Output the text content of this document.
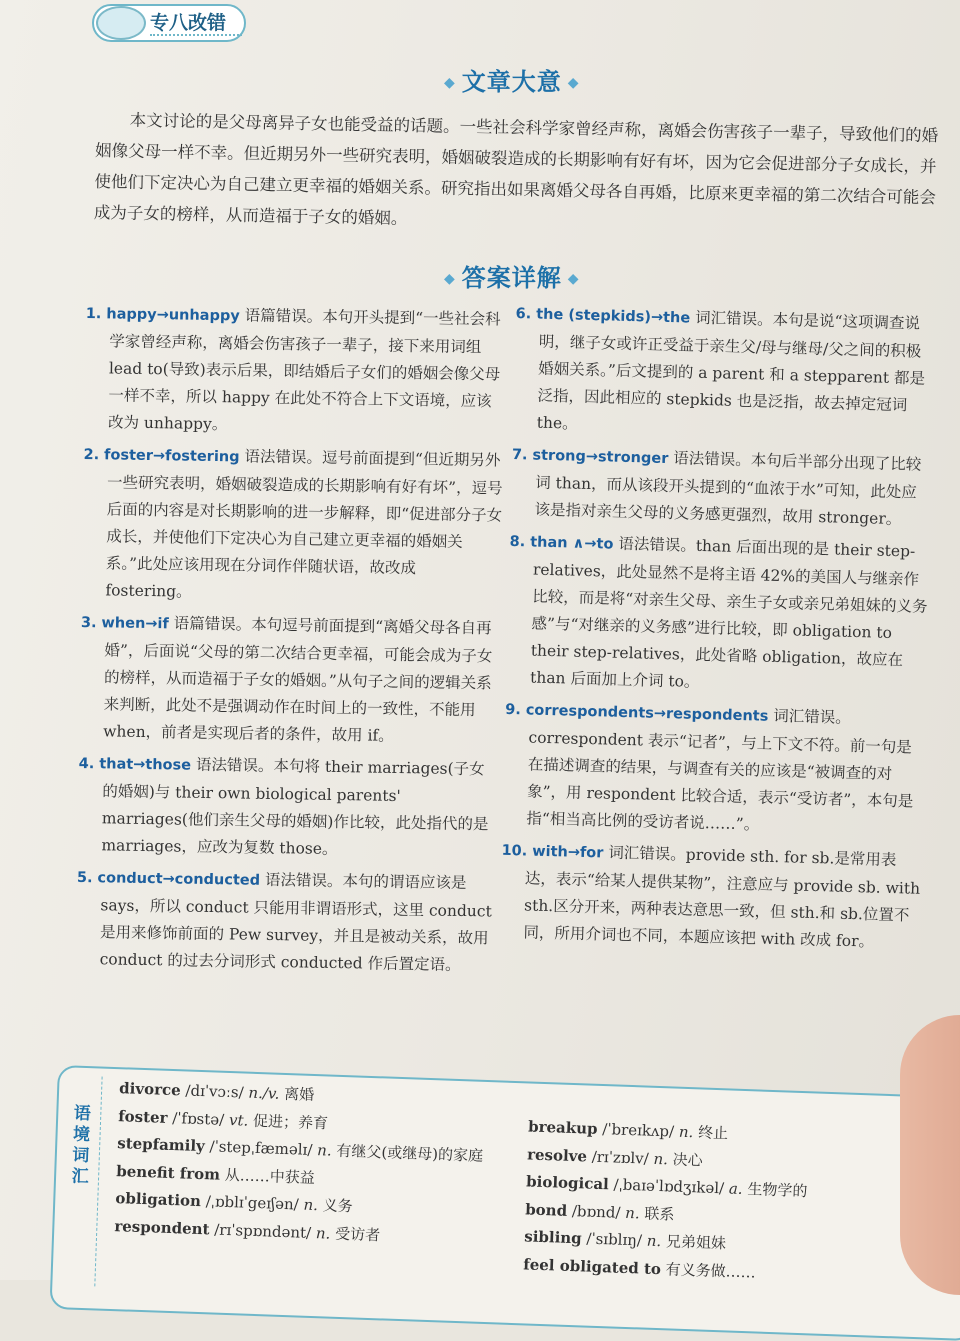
专八改错
◆ 文章大意 ◆
本文讨论的是父母离异子女也能受益的话题。一些社会科学家曾经声称，离婚会伤害孩子一辈子，导致他们的婚姻像父母一样不幸。但近期另外一些研究表明，婚姻破裂造成的长期影响有好有坏，因为它会促进部分子女成长，并使他们下定决心为自己建立更幸福的婚姻关系。研究指出如果离婚父母各自再婚，比原来更幸福的第二次结合可能会成为子女的榜样，从而造福于子女的婚姻。
◆ 答案详解 ◆
1. happy→unhappy 语篇错误。本句开头提到“一些社会科学家曾经声称，离婚会伤害孩子一辈子，接下来用词组 lead to(导致)表示后果，即结婚后子女们的婚姻会像父母一样不幸，所以 happy 在此处不符合上下文语境，应该改为 unhappy。
2. foster→fostering 语法错误。逗号前面提到“但近期另外一些研究表明，婚姻破裂造成的长期影响有好有坏”，逗号后面的内容是对长期影响的进一步解释，即“促进部分子女成长，并使他们下定决心为自己建立更幸福的婚姻关系。”此处应该用现在分词作伴随状语，故改成 fostering。
3. when→if 语篇错误。本句逗号前面提到“离婚父母各自再婚”，后面说“父母的第二次结合更幸福，可能会成为子女的榜样，从而造福于子女的婚姻。”从句子之间的逻辑关系来判断，此处不是强调动作在时间上的一致性，不能用 when，前者是实现后者的条件，故用 if。
4. that→those 语法错误。本句将 their marriages(子女的婚姻)与 their own biological parents' marriages(他们亲生父母的婚姻)作比较，此处指代的是 marriages，应改为复数 those。
5. conduct→conducted 语法错误。本句的谓语应该是 says，所以 conduct 只能用非谓语形式，这里 conduct 是用来修饰前面的 Pew survey，并且是被动关系，故用 conduct 的过去分词形式 conducted 作后置定语。
6. the (stepkids)→the 词汇错误。本句是说“这项调查说明，继子女或许正受益于亲生父/母与继母/父之间的积极婚姻关系。”后文提到的 a parent 和 a stepparent 都是泛指，因此相应的 stepkids 也是泛指，故去掉定冠词 the。
7. strong→stronger 语法错误。本句后半部分出现了比较词 than，而从该段开头提到的“血浓于水”可知，此处应该是指对亲生父母的义务感更强烈，故用 stronger。
8. than ∧→to 语法错误。than 后面出现的是 their step-relatives，此处显然不是将主语 42%的美国人与继亲作比较，而是将“对亲生父母、亲生子女或亲兄弟姐妹的义务感”与“对继亲的义务感”进行比较，即 obligation to their step-relatives，此处省略 obligation，故应在 than 后面加上介词 to。
9. correspondents→respondents 词汇错误。correspondent 表示“记者”，与上下文不符。前一句是在描述调查的结果，与调查有关的应该是“被调查的对象”，用 respondent 比较合适，表示“受访者”，本句是指“相当高比例的受访者说……”。
10. with→for 词汇错误。provide sth. for sb.是常用表达，表示“给某人提供某物”，注意应与 provide sb. with sth.区分开来，两种表达意思一致，但 sth.和 sb.位置不同，所用介词也不同，本题应该把 with 改成 for。
语境词汇
divorce /dɪˈvɔːs/ n./v. 离婚
foster /ˈfɒstə/ vt. 促进；养育
stepfamily /ˈstepˌfæməlɪ/ n. 有继父(或继母)的家庭
benefit from 从……中获益
obligation /ˌɒblɪˈgeɪʃən/ n. 义务
respondent /rɪˈspɒndənt/ n. 受访者
breakup /ˈbreɪkʌp/ n. 终止
resolve /rɪˈzɒlv/ n. 决心
biological /ˌbaɪəˈlɒdʒɪkəl/ a. 生物学的
bond /bɒnd/ n. 联系
sibling /ˈsɪblɪŋ/ n. 兄弟姐妹
feel obligated to 有义务做……
